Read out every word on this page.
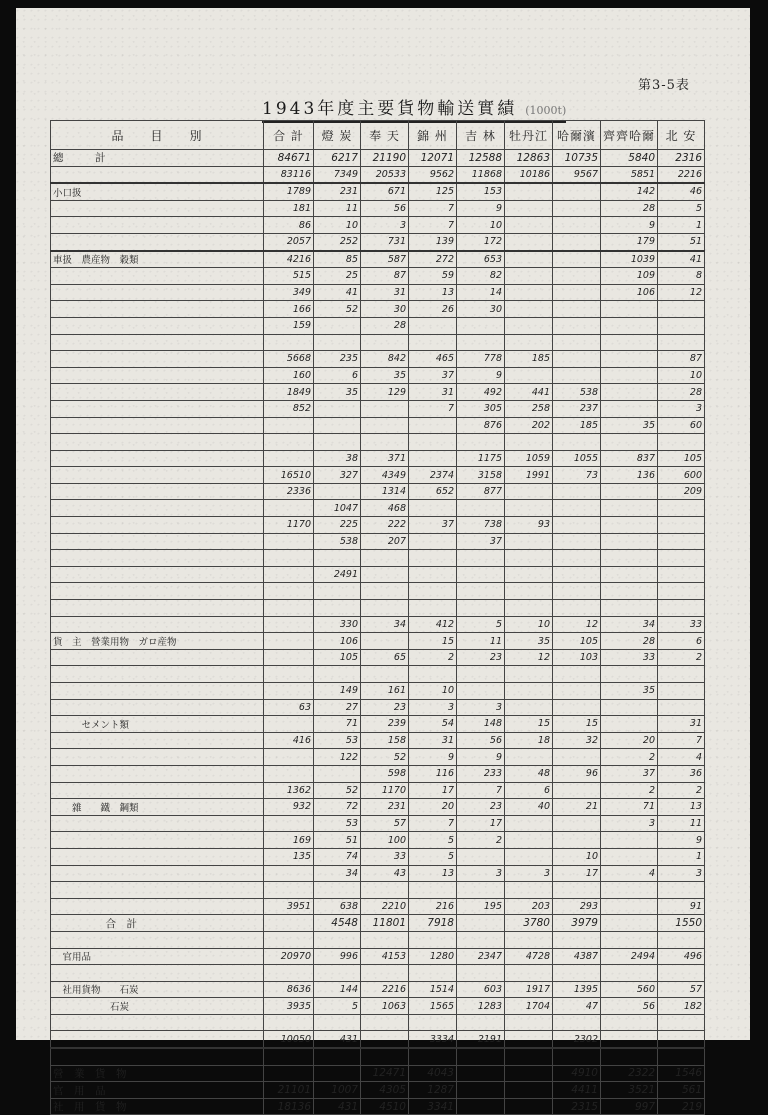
第3-5表
1943年度主要貨物輸送實績 (1000t)
品　　目　　別	合 計	燈 炭	奉 天	錦 州	吉 林	牡丹江	哈爾濱	齊齊哈爾	北 安
總　　　計	84671	6217	21190	12071	12588	12863	10735	5840	2316
	83116	7349	20533	9562	11868	10186	9567	5851	2216
小口扱	1789	231	671	125	153			142	46
	181	11	56	7	9			28	5
	86	10	3	7	10			9	1
	2057	252	731	139	172			179	51
車扱　農産物　穀類	4216	85	587	272	653			1039	41
	515	25	87	59	82			109	8
	349	41	31	13	14			106	12
	166	52	30	26	30				
	159		28						

	5668	235	842	465	778	185			87
	160	6	35	37	9				10
	1849	35	129	31	492	441	538		28
	852			7	305	258	237		3
					876	202	185	35	60

		38	371		1175	1059	1055	837	105
	16510	327	4349	2374	3158	1991	73	136	600
	2336		1314	652	877				209
		1047	468						
	1170	225	222	37	738	93			
		538	207		37				

		2491							

		330	34	412	5	10	12	34	33
貨　主　營業用物　ガロ産物		106		15	11	35	105	28	6
		105	65	2	23	12	103	33	2

		149	161	10				35	
	63	27	23	3	3				
　　　セメント類		71	239	54	148	15	15		31
	416	53	158	31	56	18	32	20	7
		122	52	9	9			2	4
			598	116	233	48	96	37	36
	1362	52	1170	17	7	6		2	2
　　雜　　鐵　鋼類	932	72	231	20	23	40	21	71	13
		53	57	7	17			3	11
	169	51	100	5	2				9
	135	74	33	5			10		1
		34	43	13	3	3	17	4	3

	3951	638	2210	216	195	203	293		91
　　　　　合　計		4548	11801	7918		3780	3979		1550

　官用品	20970	996	4153	1280	2347	4728	4387	2494	496

　社用貨物　　石炭	8636	144	2216	1514	603	1917	1395	560	57
　　　　　　石炭	3935	5	1063	1565	1283	1704	47	56	182

	10050	431		3334	2191		2302		

營　業　貨　物			12471	4043			4910	2322	1546
官　用　品	21101	1007	4305	1287			4411	3521	561
社　用　貨　物	18136	431	4510	3341			2315	997	219
